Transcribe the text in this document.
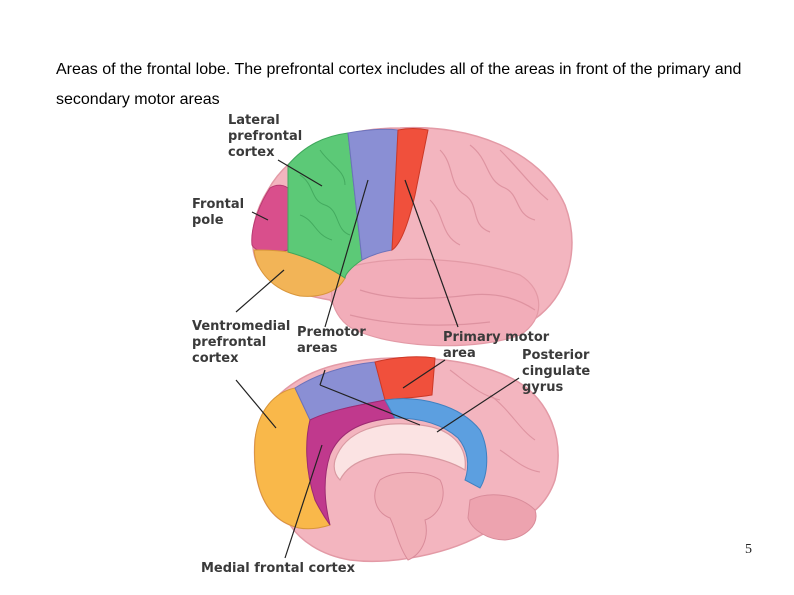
Areas of the frontal lobe. The prefrontal cortex includes all of the areas in front of the primary and secondary motor areas
Lateral
prefrontal
cortex
Frontal
pole
Ventromedial
prefrontal
cortex
Premotor
areas
Primary motor
area	Posterior
cingulate
gyrus
Medial frontal cortex
5
